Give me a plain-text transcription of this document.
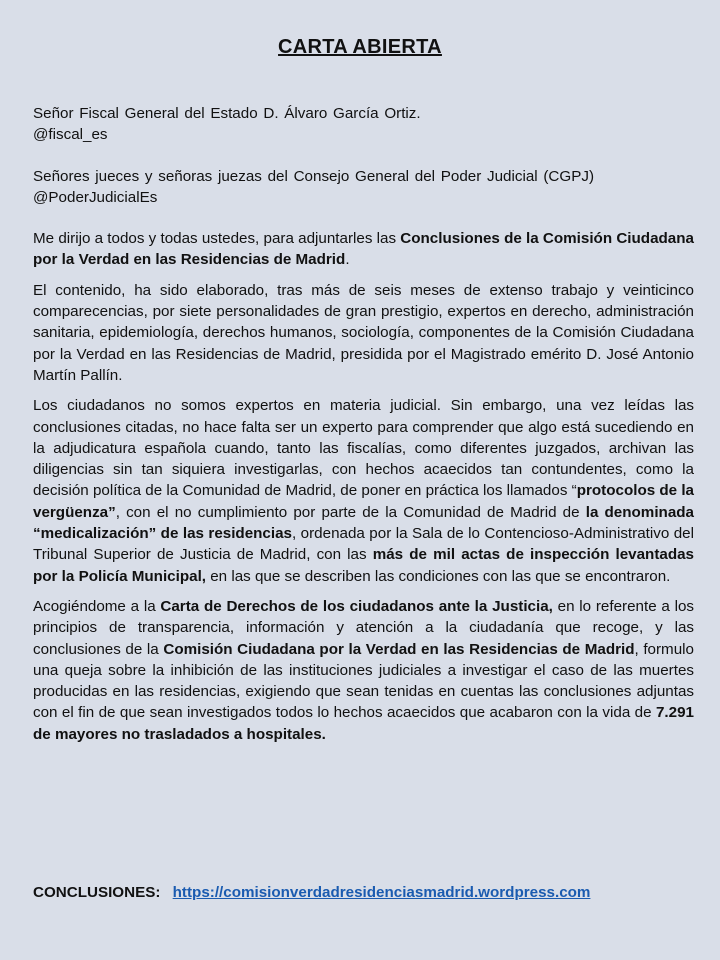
CARTA ABIERTA
Señor Fiscal General del Estado D. Álvaro García Ortiz.
@fiscal_es
Señores jueces y señoras juezas del Consejo General del Poder Judicial (CGPJ)
@PoderJudicialEs

Me dirijo a todos y todas ustedes, para adjuntarles las Conclusiones de la Comisión Ciudadana por la Verdad en las Residencias de Madrid.

El contenido, ha sido elaborado, tras más de seis meses de extenso trabajo y veinticinco comparecencias, por siete personalidades de gran prestigio, expertos en derecho, administración sanitaria, epidemiología, derechos humanos, sociología, componentes de la Comisión Ciudadana por la Verdad en las Residencias de Madrid, presidida por el Magistrado emérito D. José Antonio Martín Pallín.

Los ciudadanos no somos expertos en materia judicial. Sin embargo, una vez leídas las conclusiones citadas, no hace falta ser un experto para comprender que algo está sucediendo en la adjudicatura española cuando, tanto las fiscalías, como diferentes juzgados, archivan las diligencias sin tan siquiera investigarlas, con hechos acaecidos tan contundentes, como la decisión política de la Comunidad de Madrid, de poner en práctica los llamados “protocolos de la vergüenza”, con el no cumplimiento por parte de la Comunidad de Madrid de la denominada “medicalización” de las residencias, ordenada por la Sala de lo Contencioso-Administrativo del Tribunal Superior de Justicia de Madrid, con las más de mil actas de inspección levantadas por la Policía Municipal, en las que se describen las condiciones con las que se encontraron.

Acogiéndome a la Carta de Derechos de los ciudadanos ante la Justicia, en lo referente a los principios de transparencia, información y atención a la ciudadanía que recoge, y las conclusiones de la Comisión Ciudadana por la Verdad en las Residencias de Madrid, formulo una queja sobre la inhibición de las instituciones judiciales a investigar el caso de las muertes producidas en las residencias, exigiendo que sean tenidas en cuentas las conclusiones adjuntas con el fin de que sean investigados todos lo hechos acaecidos que acabaron con la vida de 7.291 de mayores no trasladados a hospitales.

CONCLUSIONES: https://comisionverdadresidenciasmadrid.wordpress.com
